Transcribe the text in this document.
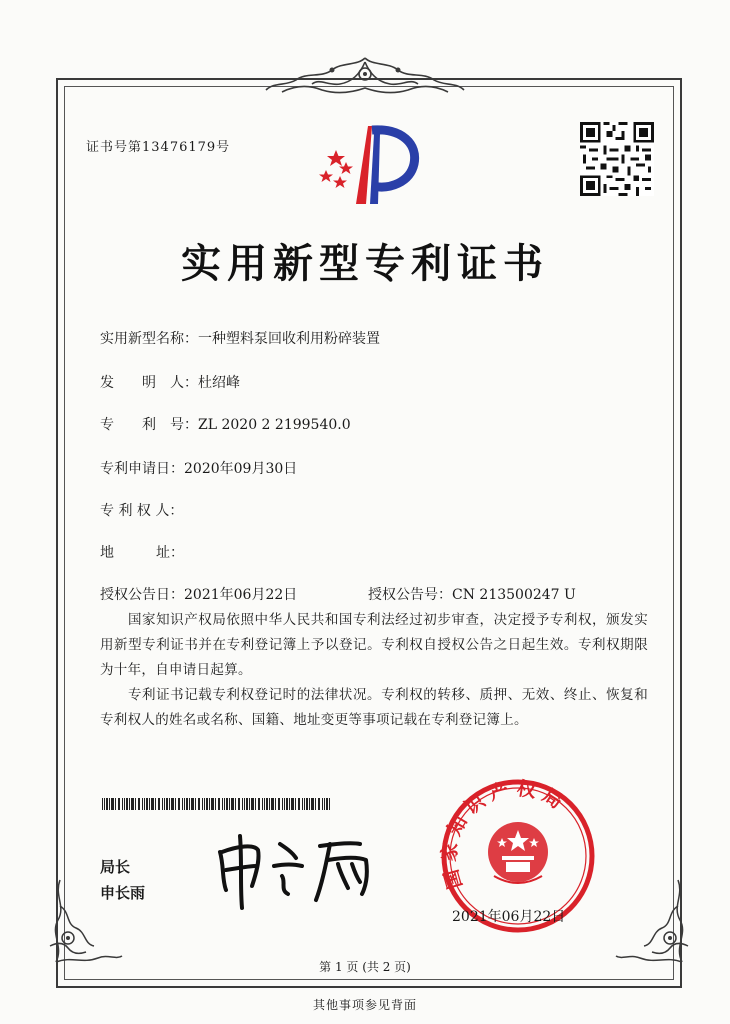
证书号第13476179号
实用新型专利证书
实用新型名称：一种塑料泵回收利用粉碎装置
发　　明　人：杜绍峰
专　　利　号：ZL 2020 2 2199540.0
专利申请日：2020年09月30日
专 利 权 人：
地　　　址：
授权公告日：2021年06月22日	授权公告号：CN 213500247 U
国家知识产权局依照中华人民共和国专利法经过初步审查，决定授予专利权，颁发实用新型专利证书并在专利登记簿上予以登记。专利权自授权公告之日起生效。专利权期限为十年，自申请日起算。
专利证书记载专利权登记时的法律状况。专利权的转移、质押、无效、终止、恢复和专利权人的姓名或名称、国籍、地址变更等事项记载在专利登记簿上。
局长
申长雨
国家知识产权局
2021年06月22日
第 1 页 (共 2 页)
其他事项参见背面
